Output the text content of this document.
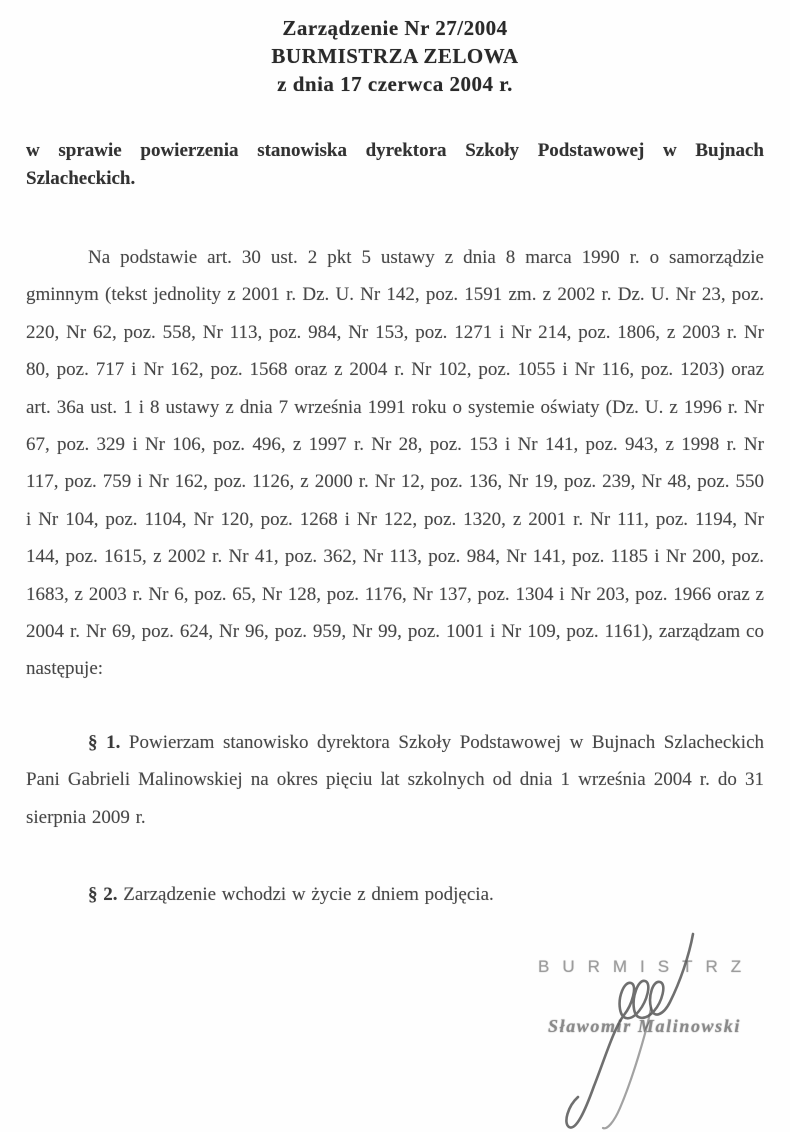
Zarządzenie Nr 27/2004
BURMISTRZA ZELOWA
z dnia 17 czerwca 2004 r.

w sprawie powierzenia stanowiska dyrektora Szkoły Podstawowej w Bujnach Szlacheckich.

Na podstawie art. 30 ust. 2 pkt 5 ustawy z dnia 8 marca 1990 r. o samorządzie gminnym (tekst jednolity z 2001 r. Dz. U. Nr 142, poz. 1591 zm. z 2002 r. Dz. U. Nr 23, poz. 220, Nr 62, poz. 558, Nr 113, poz. 984, Nr 153, poz. 1271 i Nr 214, poz. 1806, z 2003 r. Nr 80, poz. 717 i Nr 162, poz. 1568 oraz z 2004 r. Nr 102, poz. 1055 i Nr 116, poz. 1203) oraz art. 36a ust. 1 i 8 ustawy z dnia 7 września 1991 roku o systemie oświaty (Dz. U. z 1996 r. Nr 67, poz. 329 i Nr 106, poz. 496, z 1997 r. Nr 28, poz. 153 i Nr 141, poz. 943, z 1998 r. Nr 117, poz. 759 i Nr 162, poz. 1126, z 2000 r. Nr 12, poz. 136, Nr 19, poz. 239, Nr 48, poz. 550 i Nr 104, poz. 1104, Nr 120, poz. 1268 i Nr 122, poz. 1320, z 2001 r. Nr 111, poz. 1194, Nr 144, poz. 1615, z 2002 r. Nr 41, poz. 362, Nr 113, poz. 984, Nr 141, poz. 1185 i Nr 200, poz. 1683, z 2003 r. Nr 6, poz. 65, Nr 128, poz. 1176, Nr 137, poz. 1304 i Nr 203, poz. 1966 oraz z 2004 r. Nr 69, poz. 624, Nr 96, poz. 959, Nr 99, poz. 1001 i Nr 109, poz. 1161), zarządzam co następuje:

§ 1. Powierzam stanowisko dyrektora Szkoły Podstawowej w Bujnach Szlacheckich Pani Gabrieli Malinowskiej na okres pięciu lat szkolnych od dnia 1 września 2004 r. do 31 sierpnia 2009 r.

§ 2. Zarządzenie wchodzi w życie z dniem podjęcia.

BURMISTRZ
Sławomir Malinowski
